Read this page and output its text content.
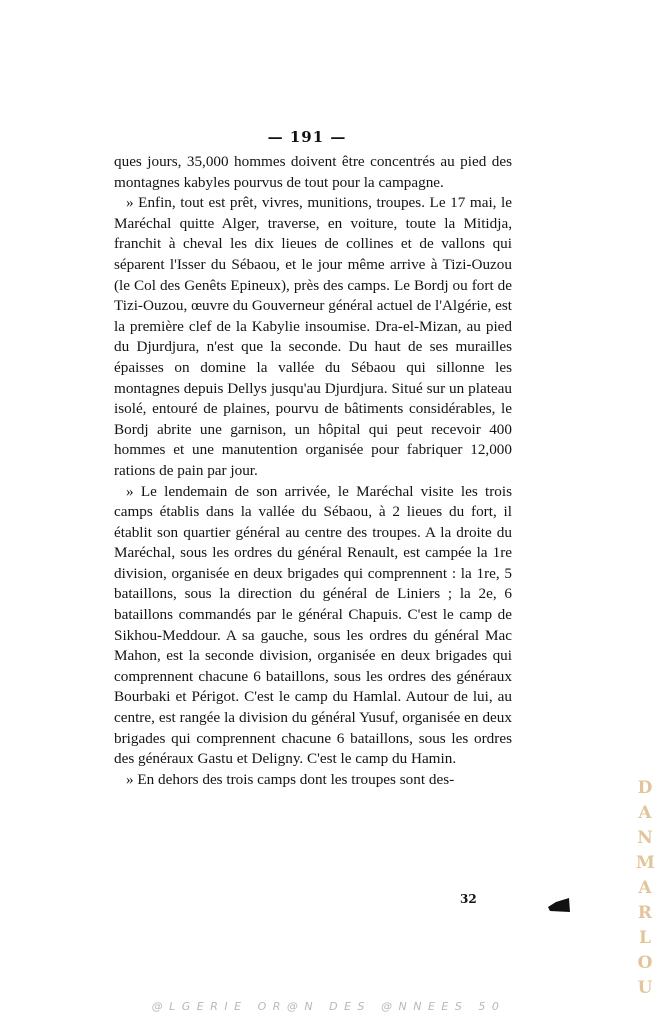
— 191 —

ques jours, 35,000 hommes doivent être concentrés au pied des montagnes kabyles pourvus de tout pour la campagne.

» Enfin, tout est prêt, vivres, munitions, troupes. Le 17 mai, le Maréchal quitte Alger, traverse, en voiture, toute la Mitidja, franchit à cheval les dix lieues de collines et de vallons qui séparent l'Isser du Sébaou, et le jour même arrive à Tizi-Ouzou (le Col des Genêts Epineux), près des camps. Le Bordj ou fort de Tizi-Ouzou, œuvre du Gouverneur général actuel de l'Algérie, est la première clef de la Kabylie insoumise. Dra-el-Mizan, au pied du Djurdjura, n'est que la seconde. Du haut de ses murailles épaisses on domine la vallée du Sébaou qui sillonne les montagnes depuis Dellys jusqu'au Djurdjura. Situé sur un plateau isolé, entouré de plaines, pourvu de bâtiments considérables, le Bordj abrite une garnison, un hôpital qui peut recevoir 400 hommes et une manutention organisée pour fabriquer 12,000 rations de pain par jour.

» Le lendemain de son arrivée, le Maréchal visite les trois camps établis dans la vallée du Sébaou, à 2 lieues du fort, il établit son quartier général au centre des troupes. A la droite du Maréchal, sous les ordres du général Renault, est campée la 1re division, organisée en deux brigades qui comprennent : la 1re, 5 bataillons, sous la direction du général de Liniers ; la 2e, 6 bataillons commandés par le général Chapuis. C'est le camp de Sikhou-Meddour. A sa gauche, sous les ordres du général Mac Mahon, est la seconde division, organisée en deux brigades qui comprennent chacune 6 bataillons, sous les ordres des généraux Bourbaki et Périgot. C'est le camp du Hamlal. Autour de lui, au centre, est rangée la division du général Yusuf, organisée en deux brigades qui comprennent chacune 6 bataillons, sous les ordres des généraux Gastu et Deligny. C'est le camp du Hamin.

» En dehors des trois camps dont les troupes sont des-

32
D
A
N
M
A
R
L
O
U
@LGERIE OR@N DES @NNEES 50
